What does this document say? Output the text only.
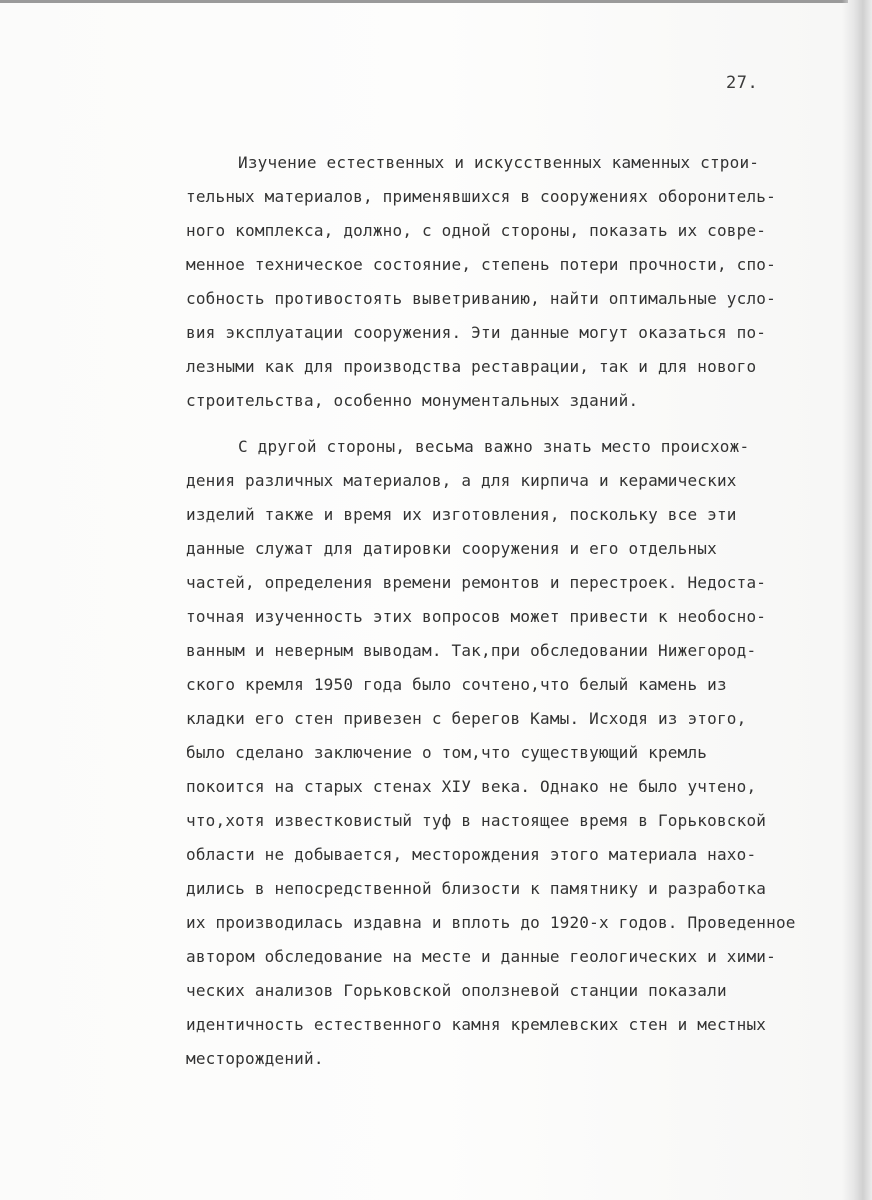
27.
Изучение естественных и искусственных каменных строи-
тельных материалов, применявшихся в сооружениях оборонитель-
ного комплекса, должно, с одной стороны, показать их совре-
менное техническое состояние, степень потери прочности, спо-
собность противостоять выветриванию, найти оптимальные усло-
вия эксплуатации сооружения. Эти данные могут оказаться по-
лезными как для производства реставрации, так и для нового
строительства, особенно монументальных зданий.
С другой стороны, весьма важно знать место происхож-
дения различных материалов, а для кирпича и керамических
изделий также и время их изготовления, поскольку все эти
данные служат для датировки сооружения и его отдельных
частей, определения времени ремонтов и перестроек. Недоста-
точная изученность этих вопросов может привести к необосно-
ванным и неверным выводам. Так,при обследовании Нижегород-
ского кремля 1950 года было сочтено,что белый камень из
кладки его стен привезен с берегов Камы. Исходя из этого,
было сделано заключение о том,что существующий кремль
покоится на старых стенах XIУ века. Однако не было учтено,
что,хотя известковистый туф в настоящее время в Горьковской
области не добывается, месторождения этого материала нахо-
дились в непосредственной близости к памятнику и разработка
их производилась издавна и вплоть до 1920-х годов. Проведенное
автором обследование на месте и данные геологических и хими-
ческих анализов Горьковской оползневой станции показали
идентичность естественного камня кремлевских стен и местных
месторождений.
